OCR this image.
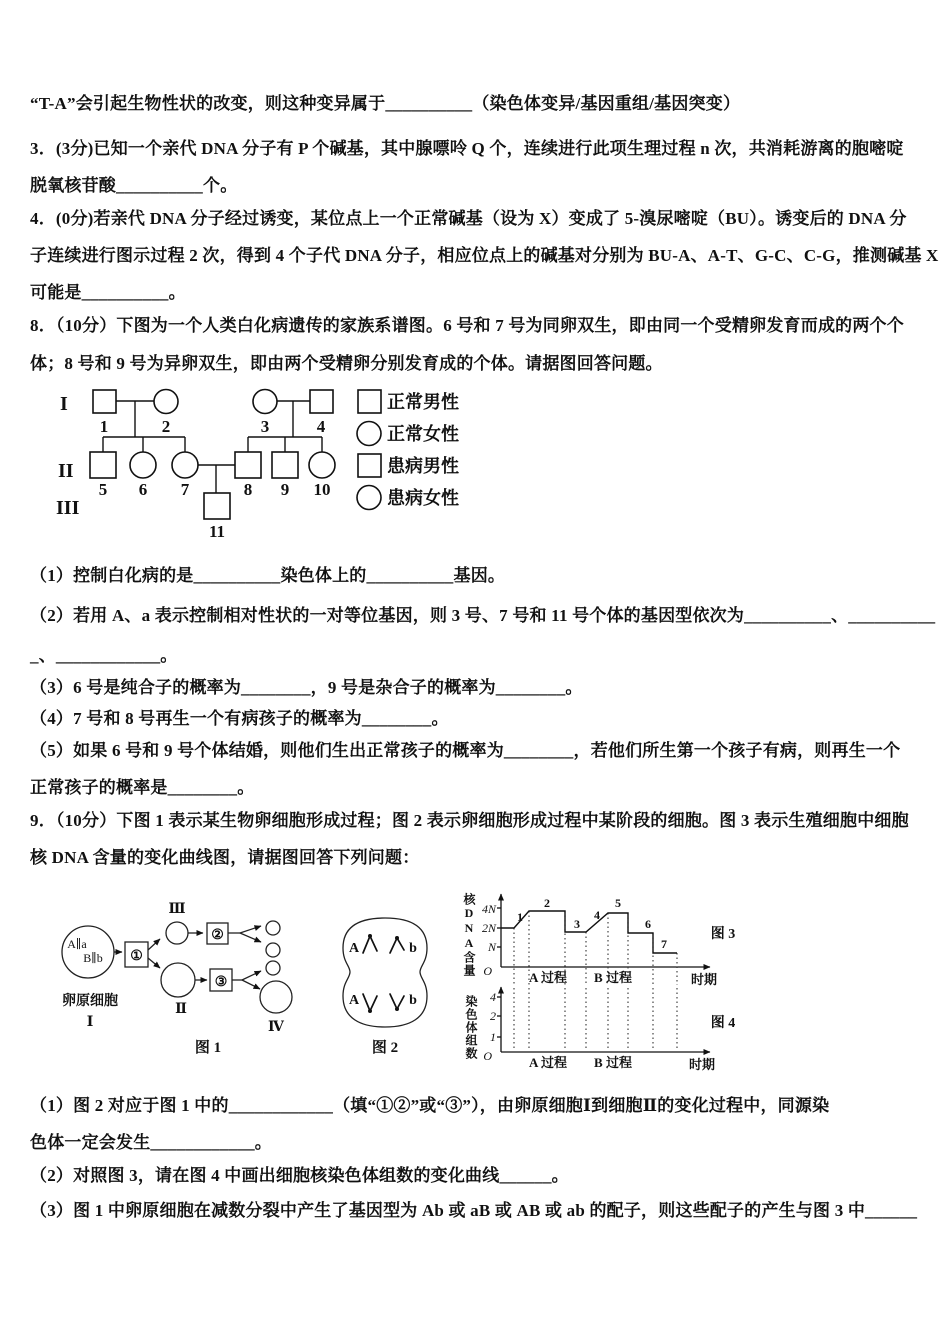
“T-A”会引起生物性状的改变，则这种变异属于__________（染色体变异/基因重组/基因突变）
3．(3分)已知一个亲代 DNA 分子有 P 个碱基，其中腺嘌呤 Q 个，连续进行此项生理过程 n 次，共消耗游离的胞嘧啶
脱氧核苷酸__________个。
4．(0分)若亲代 DNA 分子经过诱变，某位点上一个正常碱基（设为 X）变成了 5-溴尿嘧啶（BU）。诱变后的 DNA 分
子连续进行图示过程 2 次，得到 4 个子代 DNA 分子，相应位点上的碱基对分别为 BU-A、A-T、G-C、C-G，推测碱基 X
可能是__________。
8．（10分）下图为一个人类白化病遗传的家族系谱图。6 号和 7 号为同卵双生，即由同一个受精卵发育而成的两个个
体；8 号和 9 号为异卵双生，即由两个受精卵分别发育成的个体。请据图回答问题。
（1）控制白化病的是__________染色体上的__________基因。
（2）若用 A、a 表示控制相对性状的一对等位基因，则 3 号、7 号和 11 号个体的基因型依次为__________、__________
_、____________。
（3）6 号是纯合子的概率为________，9 号是杂合子的概率为________。
（4）7 号和 8 号再生一个有病孩子的概率为________。
（5）如果 6 号和 9 号个体结婚，则他们生出正常孩子的概率为________，若他们所生第一个孩子有病，则再生一个
正常孩子的概率是________。
9．（10分）下图 1 表示某生物卵细胞形成过程；图 2 表示卵细胞形成过程中某阶段的细胞。图 3 表示生殖细胞中细胞
核 DNA 含量的变化曲线图，请据图回答下列问题：
（1）图 2 对应于图 1 中的____________（填“①②”或“③”），由卵原细胞Ⅰ到细胞Ⅱ的变化过程中，同源染
色体一定会发生____________。
（2）对照图 3，请在图 4 中画出细胞核染色体组数的变化曲线______。
（3）图 1 中卵原细胞在减数分裂中产生了基因型为 Ab 或 aB 或 AB 或 ab 的配子，则这些配子的产生与图 3 中______
I
II
III
1	2	3	4
5 6 7	8 9 10
11
正常男性
正常女性
患病男性
患病女性
A∥a
B∥b
卵原细胞
Ⅰ
①
Ⅲ
Ⅱ
②
③
Ⅳ
图 1
A	b
A	b
图 2
4N
2N
N
O
1
2
3
4
5
6
7
A 过程 B 过程	时期
图 3
4
2
1
O	A 过程 B 过程	时期
图 4
核DNA含量
染色体组数
